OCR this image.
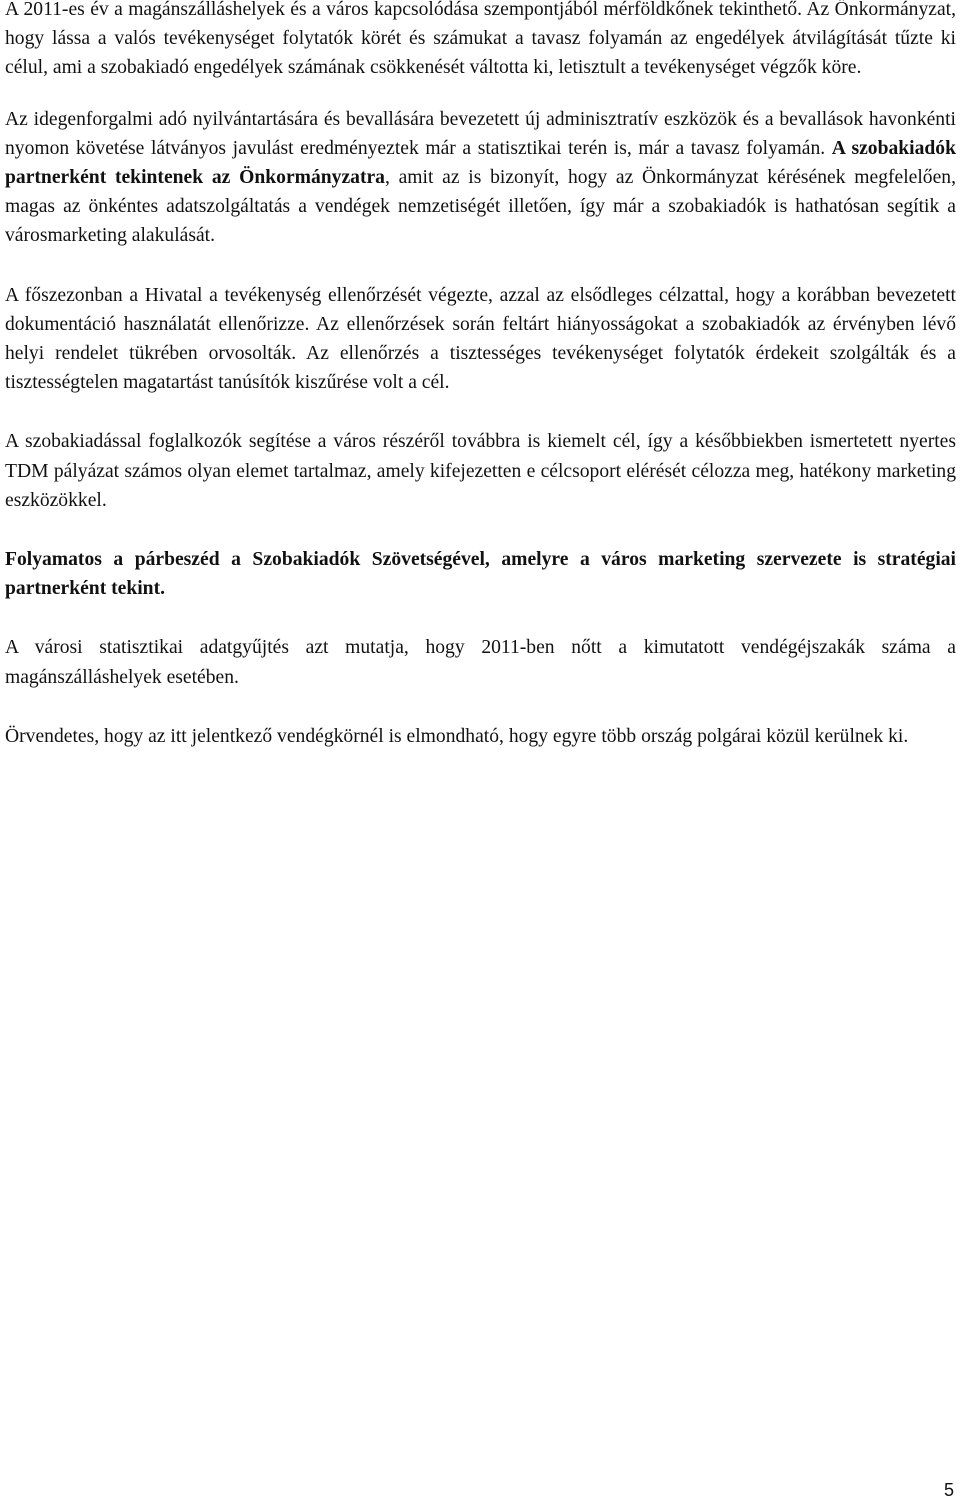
A 2011-es év a magánszálláshelyek és a város kapcsolódása szempontjából mérföldkőnek tekinthető. Az Önkormányzat, hogy lássa a valós tevékenységet folytatók körét és számukat a tavasz folyamán az engedélyek átvilágítását tűzte ki célul, ami a szobakiadó engedélyek számának csökkenését váltotta ki, letisztult a tevékenységet végzők köre.

Az idegenforgalmi adó nyilvántartására és bevallására bevezetett új adminisztratív eszközök és a bevallások havonkénti nyomon követése látványos javulást eredményeztek már a statisztikai terén is, már a tavasz folyamán. A szobakiadók partnerként tekintenek az Önkormányzatra, amit az is bizonyít, hogy az Önkormányzat kérésének megfelelően, magas az önkéntes adatszolgáltatás a vendégek nemzetiségét illetően, így már a szobakiadók is hathatósan segítik a városmarketing alakulását.

A főszezonban a Hivatal a tevékenység ellenőrzését végezte, azzal az elsődleges célzattal, hogy a korábban bevezetett dokumentáció használatát ellenőrizze. Az ellenőrzések során feltárt hiányosságokat a szobakiadók az érvényben lévő helyi rendelet tükrében orvosolták. Az ellenőrzés a tisztességes tevékenységet folytatók érdekeit szolgálták és a tisztességtelen magatartást tanúsítók kiszűrése volt a cél.

A szobakiadással foglalkozók segítése a város részéről továbbra is kiemelt cél, így a későbbiekben ismertetett nyertes TDM pályázat számos olyan elemet tartalmaz, amely kifejezetten e célcsoport elérését célozza meg, hatékony marketing eszközökkel.

Folyamatos a párbeszéd a Szobakiadók Szövetségével, amelyre a város marketing szervezete is stratégiai partnerként tekint.

A városi statisztikai adatgyűjtés azt mutatja, hogy 2011-ben nőtt a kimutatott vendégéjszakák száma a magánszálláshelyek esetében.

Örvendetes, hogy az itt jelentkező vendégkörnél is elmondható, hogy egyre több ország polgárai közül kerülnek ki.

5
